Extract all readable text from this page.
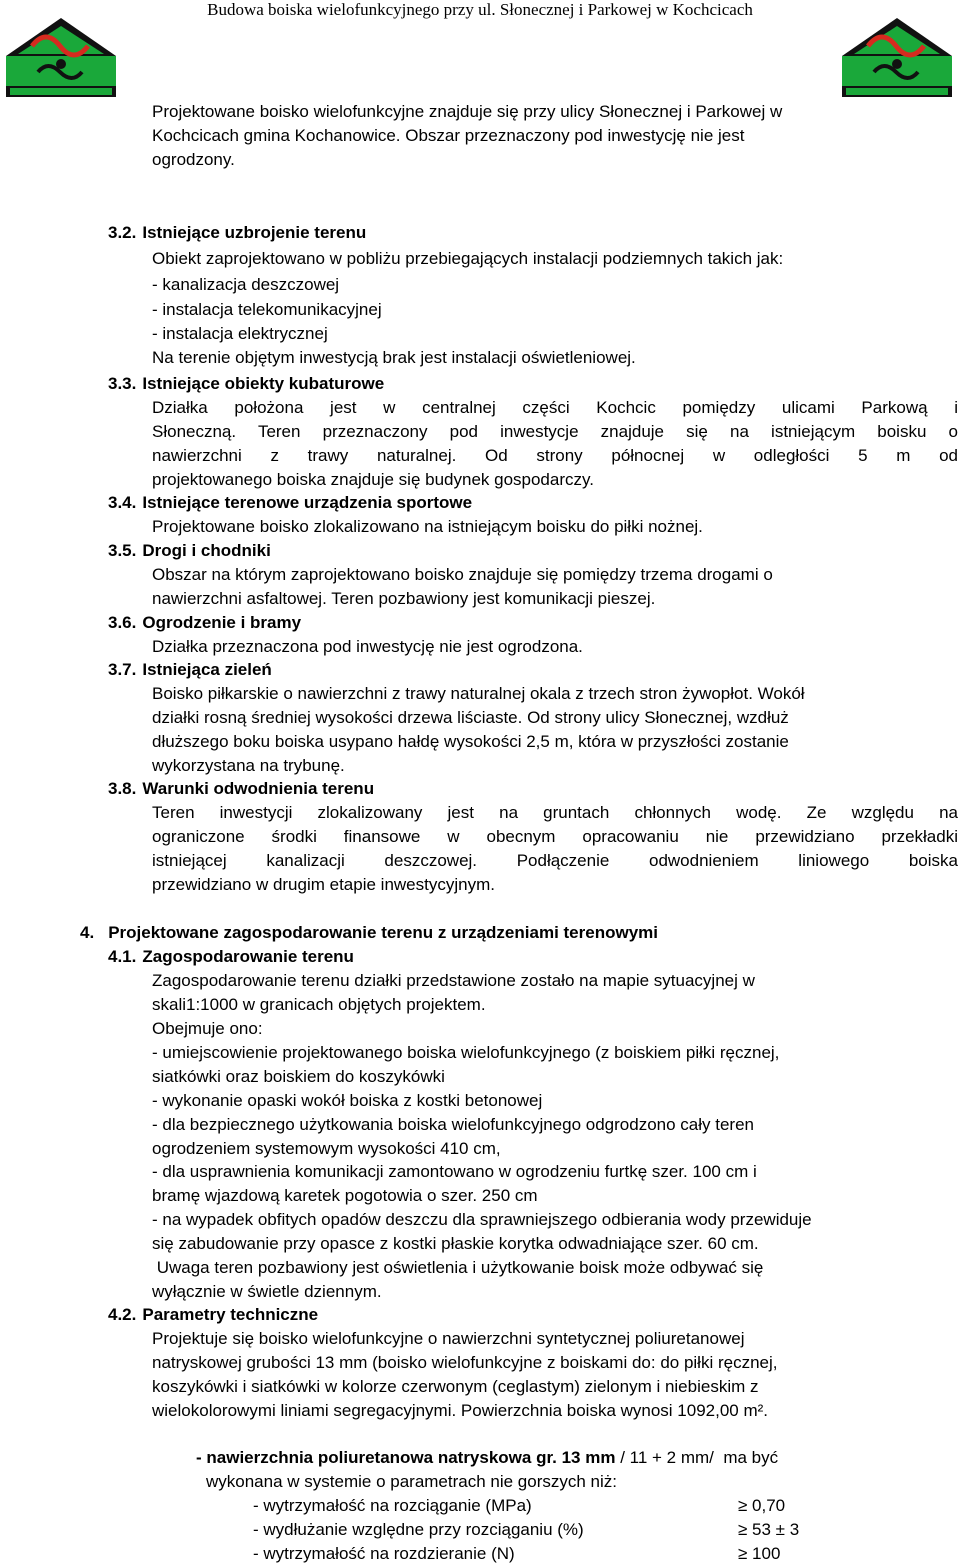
Budowa boiska wielofunkcyjnego przy ul. Słonecznej i Parkowej w Kochcicach
Projektowane boisko wielofunkcyjne znajduje się przy ulicy Słonecznej i Parkowej w
Kochcicach gmina Kochanowice. Obszar przeznaczony pod inwestycję nie jest
ogrodzony.
3.2. Istniejące uzbrojenie terenu
Obiekt zaprojektowano w pobliżu przebiegających instalacji podziemnych takich jak:
- kanalizacja deszczowej
- instalacja telekomunikacyjnej
- instalacja elektrycznej
Na terenie objętym inwestycją brak jest instalacji oświetleniowej.
3.3. Istniejące obiekty kubaturowe
Działka położona jest w centralnej części Kochcic pomiędzy ulicami Parkową i
Słoneczną. Teren przeznaczony pod inwestycje znajduje się na istniejącym boisku o
nawierzchni z trawy naturalnej. Od strony północnej w odległości 5 m od
projektowanego boiska znajduje się budynek gospodarczy.
3.4. Istniejące terenowe urządzenia sportowe
Projektowane boisko zlokalizowano na istniejącym boisku do piłki nożnej.
3.5. Drogi i chodniki
Obszar na którym zaprojektowano boisko znajduje się pomiędzy trzema drogami o
nawierzchni asfaltowej. Teren pozbawiony jest komunikacji pieszej.
3.6. Ogrodzenie i bramy
Działka przeznaczona pod inwestycję nie jest ogrodzona.
3.7. Istniejąca zieleń
Boisko piłkarskie o nawierzchni z trawy naturalnej okala z trzech stron żywopłot. Wokół
działki rosną średniej wysokości drzewa liściaste. Od strony ulicy Słonecznej, wzdłuż
dłuższego boku boiska usypano hałdę wysokości 2,5 m, która w przyszłości zostanie
wykorzystana na trybunę.
3.8. Warunki odwodnienia terenu
Teren inwestycji zlokalizowany jest na gruntach chłonnych wodę. Ze względu na
ograniczone środki finansowe w obecnym opracowaniu nie przewidziano przekładki
istniejącej kanalizacji deszczowej. Podłączenie odwodnieniem liniowego boiska
przewidziano w drugim etapie inwestycyjnym.
4. Projektowane zagospodarowanie terenu z urządzeniami terenowymi
4.1. Zagospodarowanie terenu
Zagospodarowanie terenu działki przedstawione zostało na mapie sytuacyjnej w
skali1:1000 w granicach objętych projektem.
Obejmuje ono:
- umiejscowienie projektowanego boiska wielofunkcyjnego (z boiskiem piłki ręcznej,
siatkówki oraz boiskiem do koszykówki
- wykonanie opaski wokół boiska z kostki betonowej
- dla bezpiecznego użytkowania boiska wielofunkcyjnego odgrodzono cały teren
ogrodzeniem systemowym wysokości 410 cm,
- dla usprawnienia komunikacji zamontowano w ogrodzeniu furtkę szer. 100 cm i
bramę wjazdową karetek pogotowia o szer. 250 cm
- na wypadek obfitych opadów deszczu dla sprawniejszego odbierania wody przewiduje
się zabudowanie przy opasce z kostki płaskie korytka odwadniające szer. 60 cm.
Uwaga teren pozbawiony jest oświetlenia i użytkowanie boisk może odbywać się
wyłącznie w świetle dziennym.
4.2. Parametry techniczne
Projektuje się boisko wielofunkcyjne o nawierzchni syntetycznej poliuretanowej
natryskowej grubości 13 mm (boisko wielofunkcyjne z boiskami do: do piłki ręcznej,
koszykówki i siatkówki w kolorze czerwonym (ceglastym) zielonym i niebieskim z
wielokolorowymi liniami segregacyjnymi. Powierzchnia boiska wynosi 1092,00 m².
- nawierzchnia poliuretanowa natryskowa gr. 13 mm / 11 + 2 mm/  ma być
wykonana w systemie o parametrach nie gorszych niż:
- wytrzymałość na rozciąganie (MPa)	≥ 0,70
- wydłużanie względne przy rozciąganiu (%)	≥ 53 ± 3
- wytrzymałość na rozdzieranie (N)	≥ 100
